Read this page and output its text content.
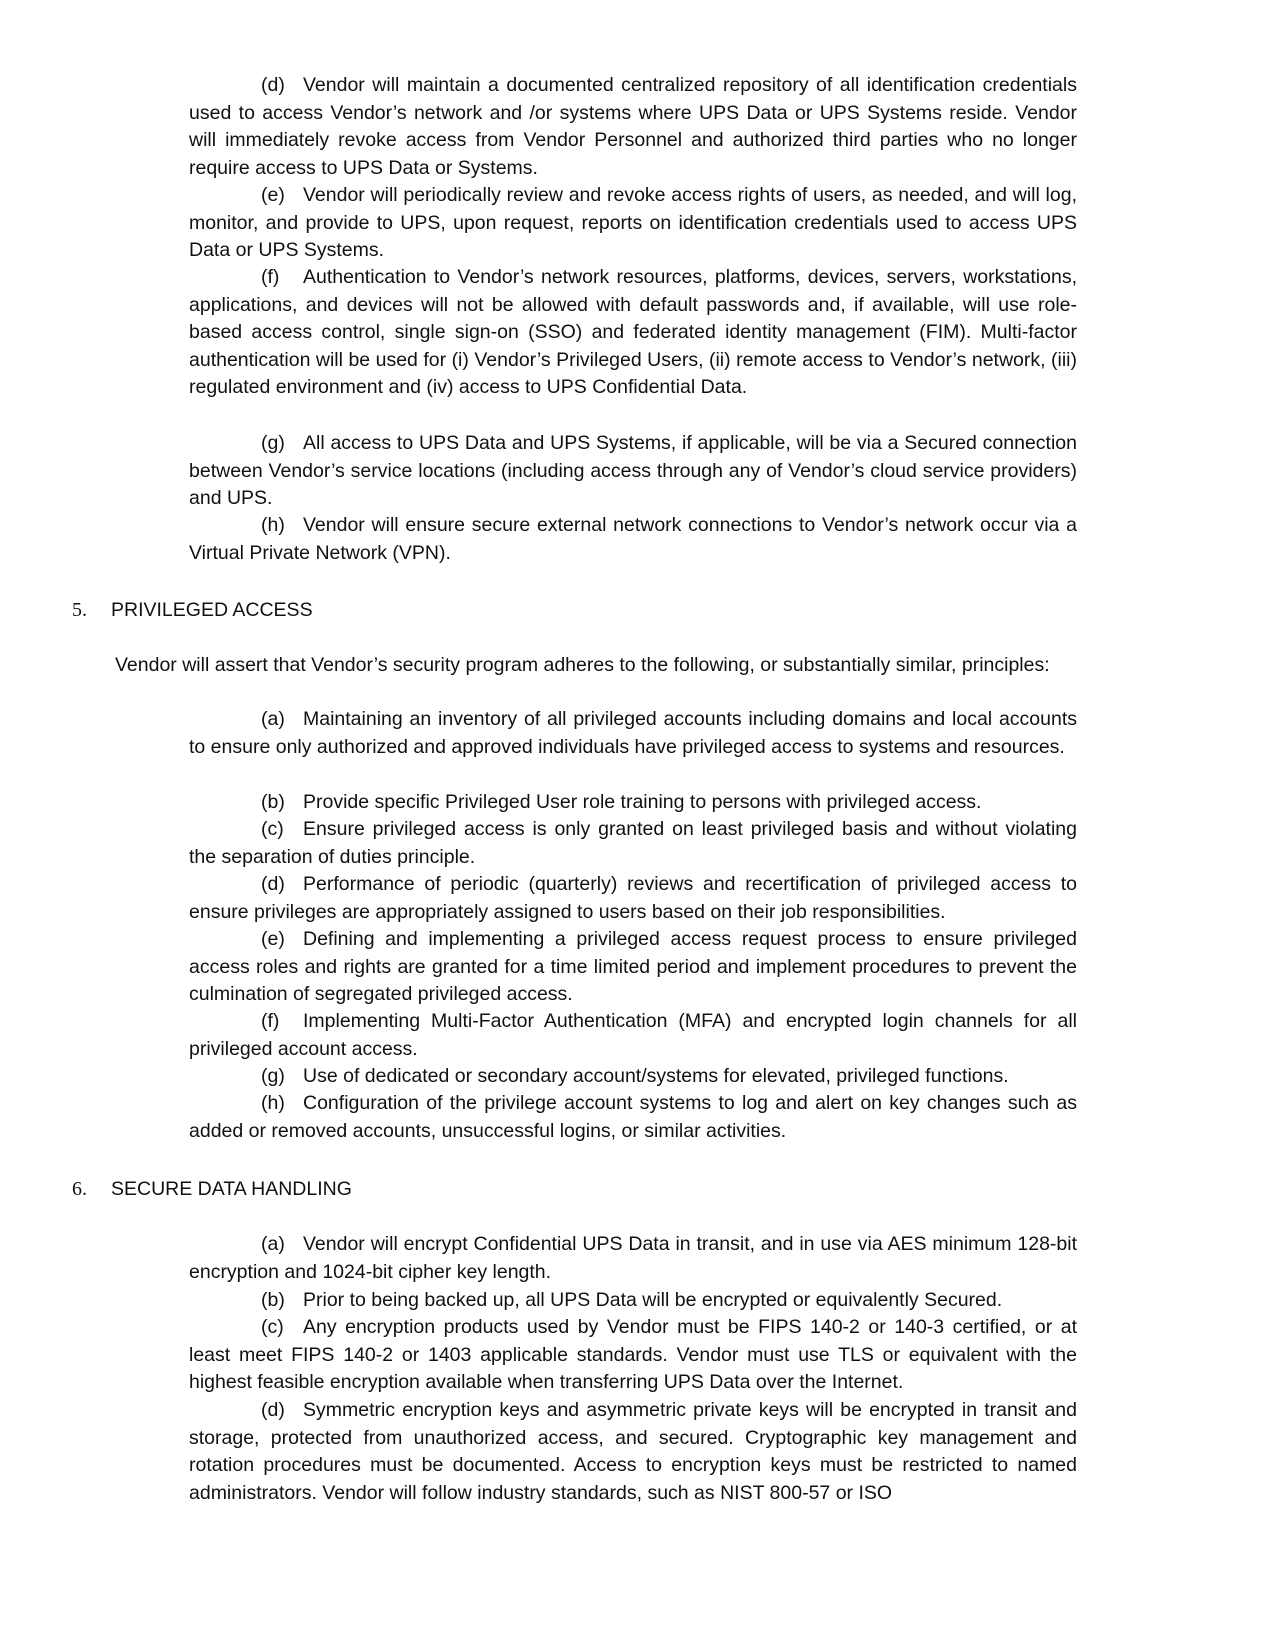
(d) Vendor will maintain a documented centralized repository of all identification credentials used to access Vendor’s network and /or systems where UPS Data or UPS Systems reside. Vendor will immediately revoke access from Vendor Personnel and authorized third parties who no longer require access to UPS Data or Systems.

(e) Vendor will periodically review and revoke access rights of users, as needed, and will log, monitor, and provide to UPS, upon request, reports on identification credentials used to access UPS Data or UPS Systems.

(f) Authentication to Vendor’s network resources, platforms, devices, servers, workstations, applications, and devices will not be allowed with default passwords and, if available, will use role-based access control, single sign-on (SSO) and federated identity management (FIM). Multi-factor authentication will be used for (i) Vendor’s Privileged Users, (ii) remote access to Vendor’s network, (iii) regulated environment and (iv) access to UPS Confidential Data.

(g) All access to UPS Data and UPS Systems, if applicable, will be via a Secured connection between Vendor’s service locations (including access through any of Vendor’s cloud service providers) and UPS.

(h) Vendor will ensure secure external network connections to Vendor’s network occur via a Virtual Private Network (VPN).

5. PRIVILEGED ACCESS

Vendor will assert that Vendor’s security program adheres to the following, or substantially similar, principles:

(a) Maintaining an inventory of all privileged accounts including domains and local accounts to ensure only authorized and approved individuals have privileged access to systems and resources.

(b) Provide specific Privileged User role training to persons with privileged access.

(c) Ensure privileged access is only granted on least privileged basis and without violating the separation of duties principle.

(d) Performance of periodic (quarterly) reviews and recertification of privileged access to ensure privileges are appropriately assigned to users based on their job responsibilities.

(e) Defining and implementing a privileged access request process to ensure privileged access roles and rights are granted for a time limited period and implement procedures to prevent the culmination of segregated privileged access.

(f) Implementing Multi-Factor Authentication (MFA) and encrypted login channels for all privileged account access.

(g) Use of dedicated or secondary account/systems for elevated, privileged functions.

(h) Configuration of the privilege account systems to log and alert on key changes such as added or removed accounts, unsuccessful logins, or similar activities.

6. SECURE DATA HANDLING

(a) Vendor will encrypt Confidential UPS Data in transit, and in use via AES minimum 128-bit encryption and 1024-bit cipher key length.

(b) Prior to being backed up, all UPS Data will be encrypted or equivalently Secured.

(c) Any encryption products used by Vendor must be FIPS 140-2 or 140-3 certified, or at least meet FIPS 140-2 or 1403 applicable standards. Vendor must use TLS or equivalent with the highest feasible encryption available when transferring UPS Data over the Internet.

(d) Symmetric encryption keys and asymmetric private keys will be encrypted in transit and storage, protected from unauthorized access, and secured. Cryptographic key management and rotation procedures must be documented. Access to encryption keys must be restricted to named administrators. Vendor will follow industry standards, such as NIST 800-57 or ISO
